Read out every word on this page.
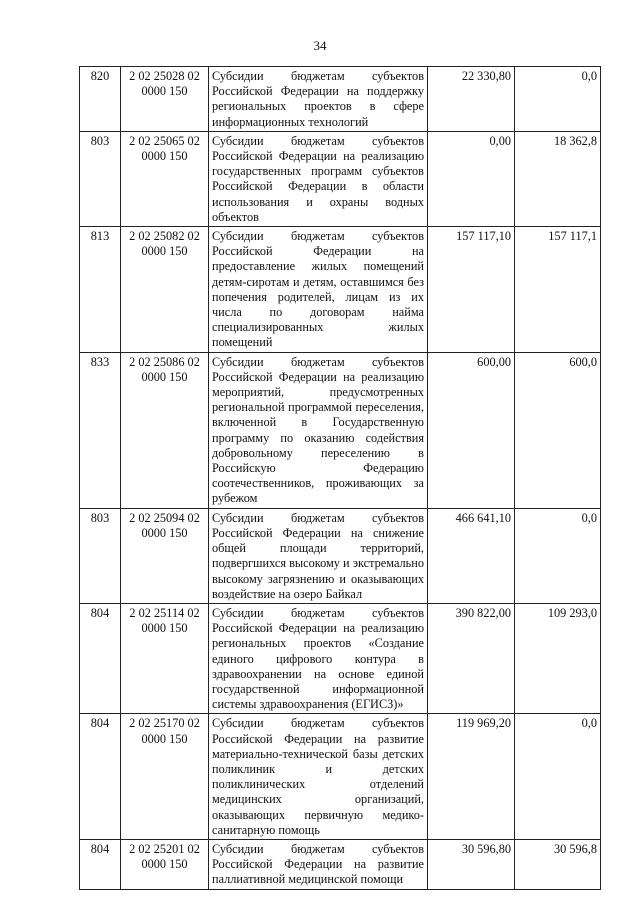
34
820	2 02 25028 02 0000 150	Субсидии бюджетам субъектов Российской Федерации на поддержку региональных проектов в сфере информационных технологий	22 330,80	0,0
803	2 02 25065 02 0000 150	Субсидии бюджетам субъектов Российской Федерации на реализацию государственных программ субъектов Российской Федерации в области использования и охраны водных объектов	0,00	18 362,8
813	2 02 25082 02 0000 150	Субсидии бюджетам субъектов Российской Федерации на предоставление жилых помещений детям-сиротам и детям, оставшимся без попечения родителей, лицам из их числа по договорам найма специализированных жилых помещений	157 117,10	157 117,1
833	2 02 25086 02 0000 150	Субсидии бюджетам субъектов Российской Федерации на реализацию мероприятий, предусмотренных региональной программой переселения, включенной в Государственную программу по оказанию содействия добровольному переселению в Российскую Федерацию соотечественников, проживающих за рубежом	600,00	600,0
803	2 02 25094 02 0000 150	Субсидии бюджетам субъектов Российской Федерации на снижение общей площади территорий, подвергшихся высокому и экстремально высокому загрязнению и оказывающих воздействие на озеро Байкал	466 641,10	0,0
804	2 02 25114 02 0000 150	Субсидии бюджетам субъектов Российской Федерации на реализацию региональных проектов «Создание единого цифрового контура в здравоохранении на основе единой государственной информационной системы здравоохранения (ЕГИСЗ)»	390 822,00	109 293,0
804	2 02 25170 02 0000 150	Субсидии бюджетам субъектов Российской Федерации на развитие материально-технической базы детских поликлиник и детских поликлинических отделений медицинских организаций, оказывающих первичную медико-санитарную помощь	119 969,20	0,0
804	2 02 25201 02 0000 150	Субсидии бюджетам субъектов Российской Федерации на развитие паллиативной медицинской помощи	30 596,80	30 596,8
